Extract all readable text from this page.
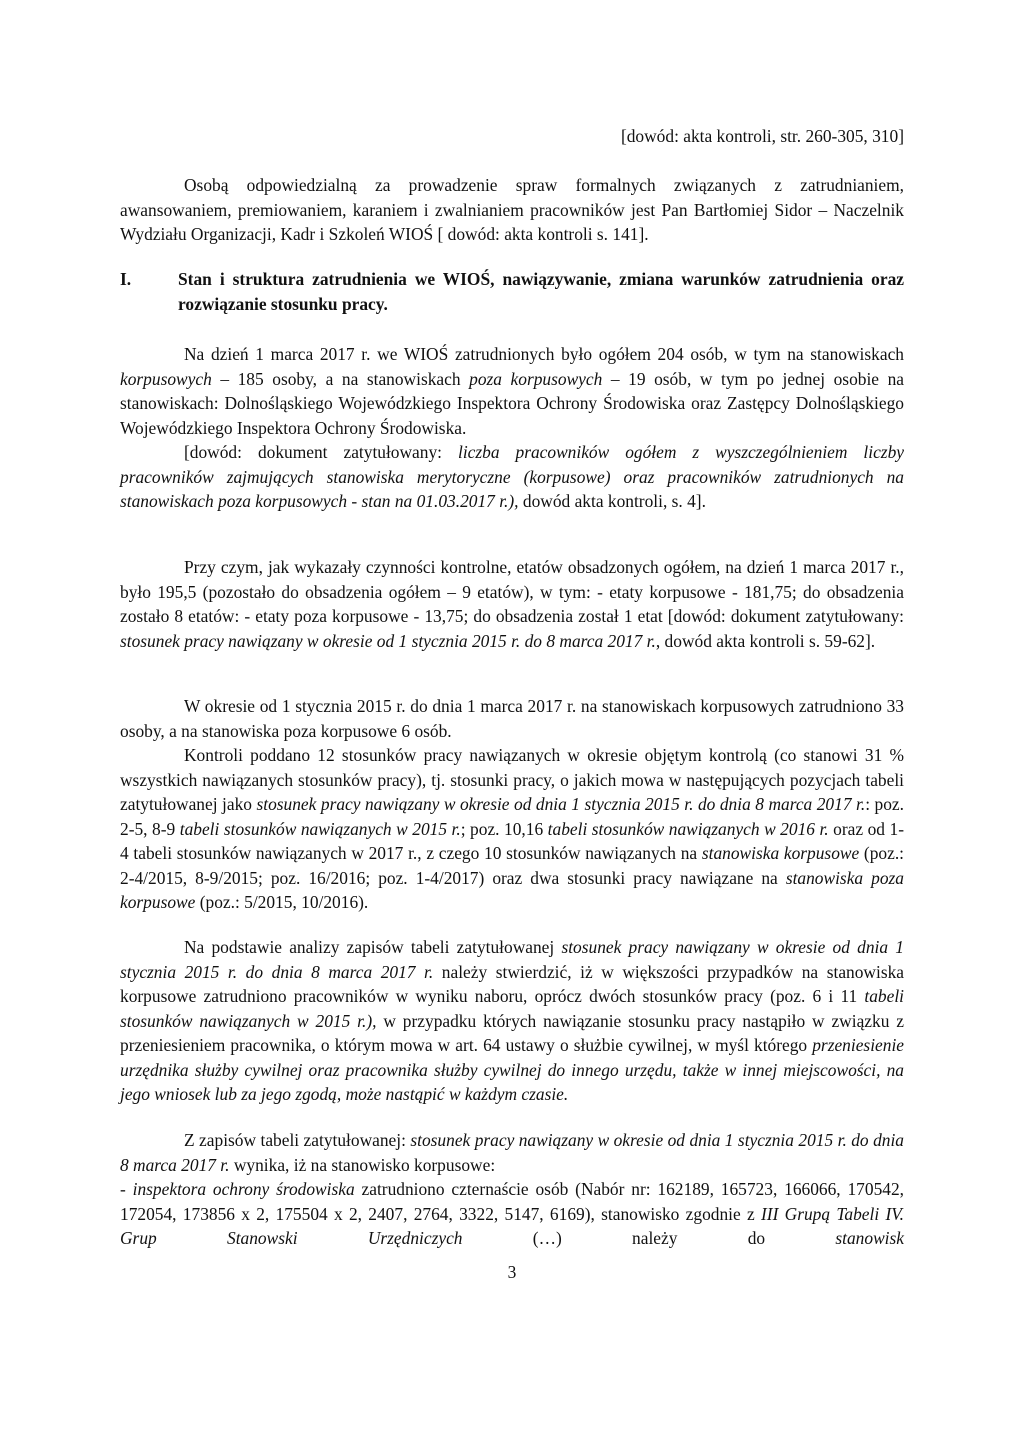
[dowód: akta kontroli, str. 260-305, 310]

Osobą odpowiedzialną za prowadzenie spraw formalnych związanych z zatrudnianiem, awansowaniem, premiowaniem, karaniem i zwalnianiem pracowników jest Pan Bartłomiej Sidor – Naczelnik Wydziału Organizacji, Kadr i Szkoleń WIOŚ [ dowód: akta kontroli s. 141].

I.	Stan i struktura zatrudnienia we WIOŚ, nawiązywanie, zmiana warunków zatrudnienia oraz rozwiązanie stosunku pracy.

Na dzień 1 marca 2017 r. we WIOŚ zatrudnionych było ogółem 204 osób, w tym na stanowiskach korpusowych – 185 osoby, a na stanowiskach poza korpusowych – 19 osób, w tym po jednej osobie na stanowiskach: Dolnośląskiego Wojewódzkiego Inspektora Ochrony Środowiska oraz Zastępcy Dolnośląskiego Wojewódzkiego Inspektora Ochrony Środowiska.

[dowód: dokument zatytułowany: liczba pracowników ogółem z wyszczególnieniem liczby pracowników zajmujących stanowiska merytoryczne (korpusowe) oraz pracowników zatrudnionych na stanowiskach poza korpusowych - stan na 01.03.2017 r.), dowód akta kontroli, s. 4].

Przy czym, jak wykazały czynności kontrolne, etatów obsadzonych ogółem, na dzień 1 marca 2017 r., było 195,5 (pozostało do obsadzenia ogółem – 9 etatów), w tym: - etaty korpusowe - 181,75; do obsadzenia zostało 8 etatów: - etaty poza korpusowe - 13,75; do obsadzenia został 1 etat [dowód: dokument zatytułowany: stosunek pracy nawiązany w okresie od 1 stycznia 2015 r. do 8 marca 2017 r., dowód akta kontroli s. 59-62].

W okresie od 1 stycznia 2015 r. do dnia 1 marca 2017 r. na stanowiskach korpusowych zatrudniono 33 osoby, a na stanowiska poza korpusowe 6 osób.

Kontroli poddano 12 stosunków pracy nawiązanych w okresie objętym kontrolą (co stanowi 31 % wszystkich nawiązanych stosunków pracy), tj. stosunki pracy, o jakich mowa w następujących pozycjach tabeli zatytułowanej jako stosunek pracy nawiązany w okresie od dnia 1 stycznia 2015 r. do dnia 8 marca 2017 r.: poz. 2-5, 8-9 tabeli stosunków nawiązanych w 2015 r.; poz. 10,16 tabeli stosunków nawiązanych w 2016 r. oraz od 1-4 tabeli stosunków nawiązanych w 2017 r., z czego 10 stosunków nawiązanych na stanowiska korpusowe (poz.: 2-4/2015, 8-9/2015; poz. 16/2016; poz. 1-4/2017) oraz dwa stosunki pracy nawiązane na stanowiska poza korpusowe (poz.: 5/2015, 10/2016).

Na podstawie analizy zapisów tabeli zatytułowanej stosunek pracy nawiązany w okresie od dnia 1 stycznia 2015 r. do dnia 8 marca 2017 r. należy stwierdzić, iż w większości przypadków na stanowiska korpusowe zatrudniono pracowników w wyniku naboru, oprócz dwóch stosunków pracy (poz. 6 i 11 tabeli stosunków nawiązanych w 2015 r.), w przypadku których nawiązanie stosunku pracy nastąpiło w związku z przeniesieniem pracownika, o którym mowa w art. 64 ustawy o służbie cywilnej, w myśl którego przeniesienie urzędnika służby cywilnej oraz pracownika służby cywilnej do innego urzędu, także w innej miejscowości, na jego wniosek lub za jego zgodą, może nastąpić w każdym czasie.

Z zapisów tabeli zatytułowanej: stosunek pracy nawiązany w okresie od dnia 1 stycznia 2015 r. do dnia 8 marca 2017 r. wynika, iż na stanowisko korpusowe:

- inspektora ochrony środowiska zatrudniono czternaście osób (Nabór nr: 162189, 165723, 166066, 170542, 172054, 173856 x 2, 175504 x 2, 2407, 2764, 3322, 5147, 6169), stanowisko zgodnie z III Grupą Tabeli IV. Grup Stanowski Urzędniczych (…) należy do stanowisk

3
